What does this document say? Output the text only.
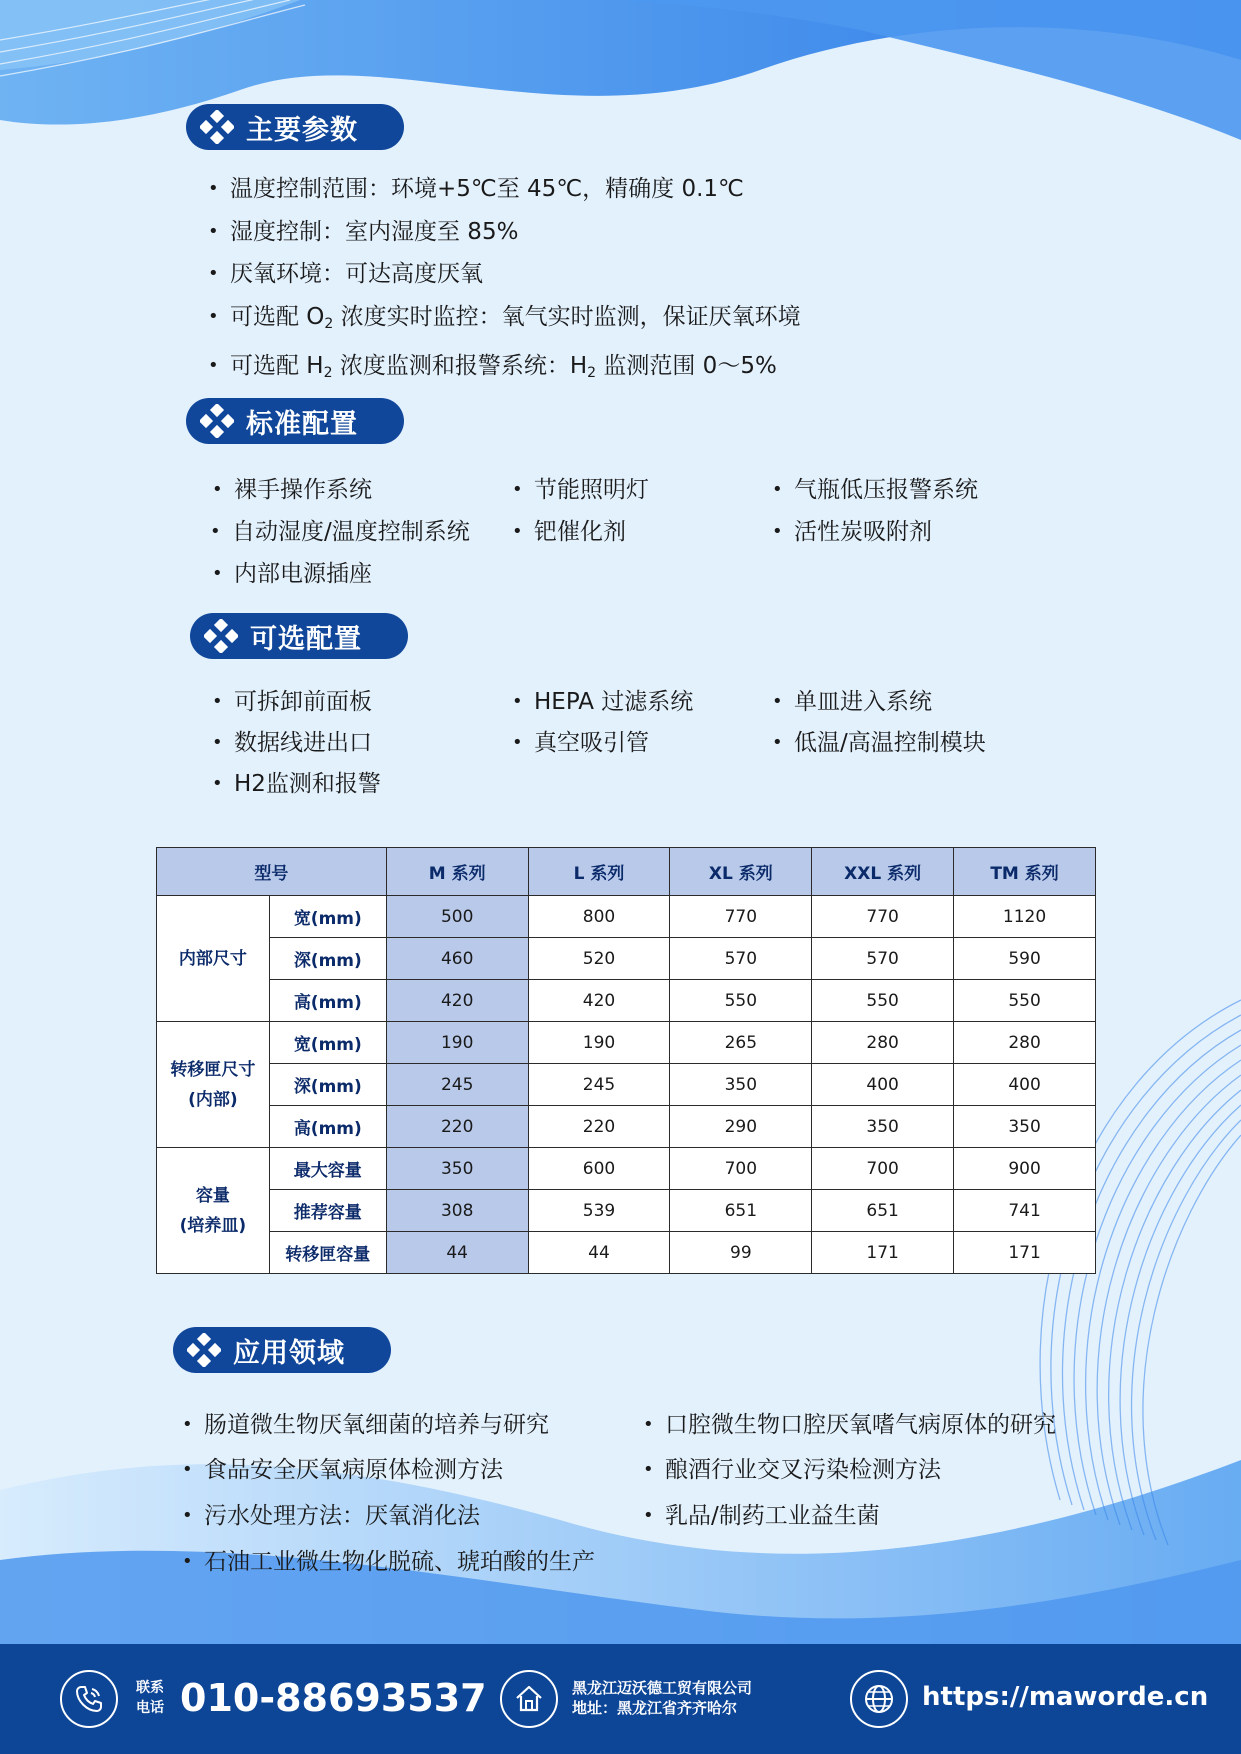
主要参数
• 温度控制范围：环境+5℃至 45℃，精确度 0.1℃
• 湿度控制：室内湿度至 85%
• 厌氧环境：可达高度厌氧
• 可选配 $O_2$ 浓度实时监控：氧气实时监测，保证厌氧环境
• 可选配 $H_2$ 浓度监测和报警系统：$H_2$ 监测范围 0～5%
标准配置
• 裸手操作系统	• 节能照明灯	• 气瓶低压报警系统
• 自动湿度/温度控制系统	• 钯催化剂	• 活性炭吸附剂
• 内部电源插座
可选配置
• 可拆卸前面板	• HEPA 过滤系统	• 单皿进入系统
• 数据线进出口	• 真空吸引管	• 低温/高温控制模块
• H2监测和报警
型号		M 系列	L 系列	XL 系列	XXL 系列	TM 系列
内部尺寸	宽(mm)	500	800	770	770	1120
	深(mm)	460	520	570	570	590
	高(mm)	420	420	550	550	550
转移匣尺寸
(内部)	宽(mm)	190	190	265	280	280
	深(mm)	245	245	350	400	400
	高(mm)	220	220	290	350	350
容量
(培养皿)	最大容量	350	600	700	700	900
	推荐容量	308	539	651	651	741
	转移匣容量	44	44	99	171	171
应用领域
• 肠道微生物厌氧细菌的培养与研究	• 口腔微生物口腔厌氧嗜气病原体的研究
• 食品安全厌氧病原体检测方法	• 酿酒行业交叉污染检测方法
• 污水处理方法：厌氧消化法	• 乳品/制药工业益生菌
• 石油工业微生物化脱硫、琥珀酸的生产
联系
电话 010-88693537	黑龙江迈沃德工贸有限公司
地址：黑龙江省齐齐哈尔	https://maworde.cn
